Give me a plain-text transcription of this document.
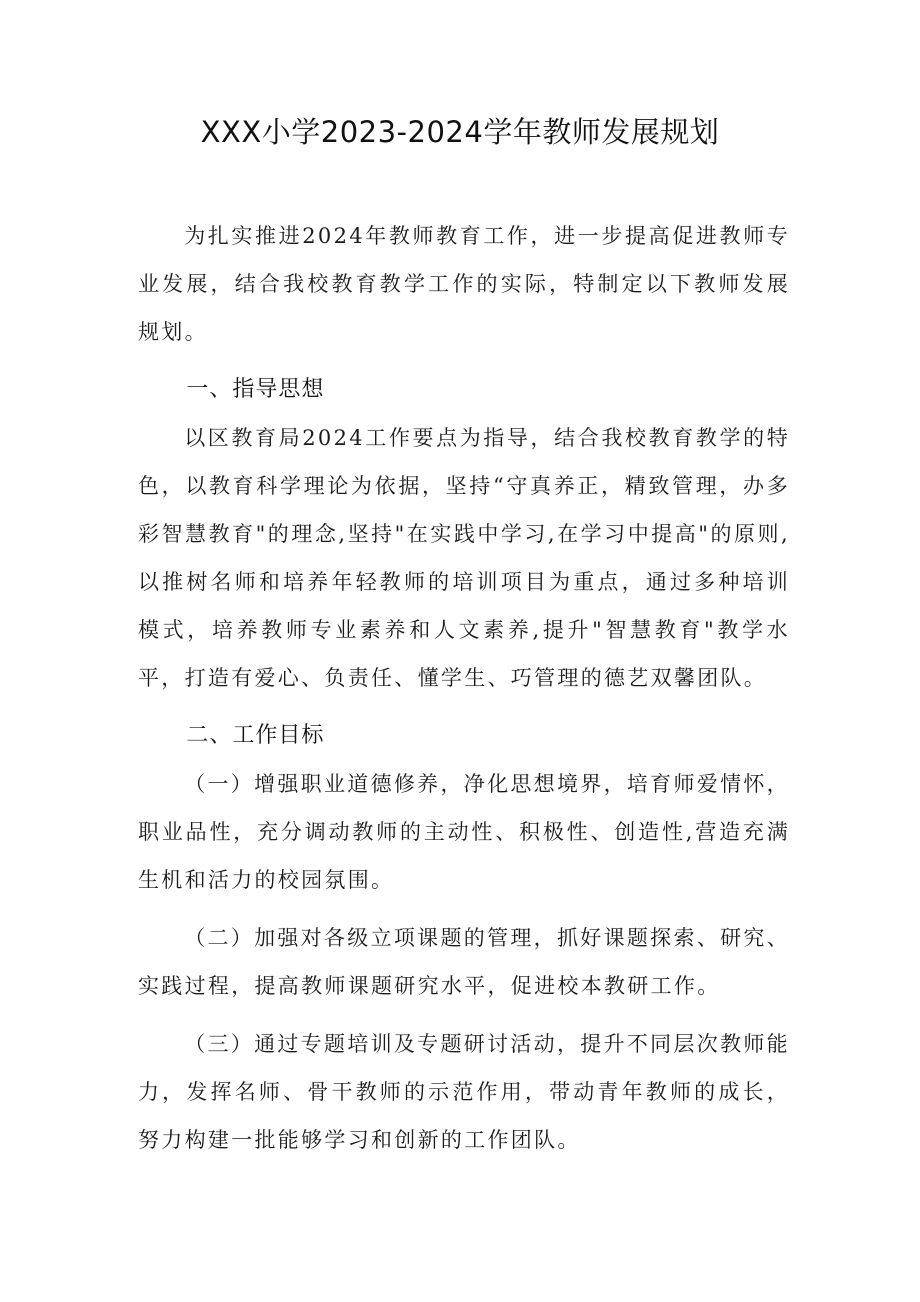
XXX小学2023-2024学年教师发展规划

为扎实推进2024年教师教育工作，进一步提高促进教师专业发展，结合我校教育教学工作的实际，特制定以下教师发展规划。

一、指导思想

以区教育局2024工作要点为指导，结合我校教育教学的特色，以教育科学理论为依据，坚持“守真养正，精致管理，办多彩智慧教育"的理念,坚持"在实践中学习,在学习中提高"的原则,以推树名师和培养年轻教师的培训项目为重点，通过多种培训模式，培养教师专业素养和人文素养,提升"智慧教育"教学水平，打造有爱心、负责任、懂学生、巧管理的德艺双馨团队。

二、工作目标

（一）增强职业道德修养，净化思想境界，培育师爱情怀，职业品性，充分调动教师的主动性、积极性、创造性,营造充满生机和活力的校园氛围。

（二）加强对各级立项课题的管理，抓好课题探索、研究、实践过程，提高教师课题研究水平，促进校本教研工作。

（三）通过专题培训及专题研讨活动，提升不同层次教师能力，发挥名师、骨干教师的示范作用，带动青年教师的成长，努力构建一批能够学习和创新的工作团队。
